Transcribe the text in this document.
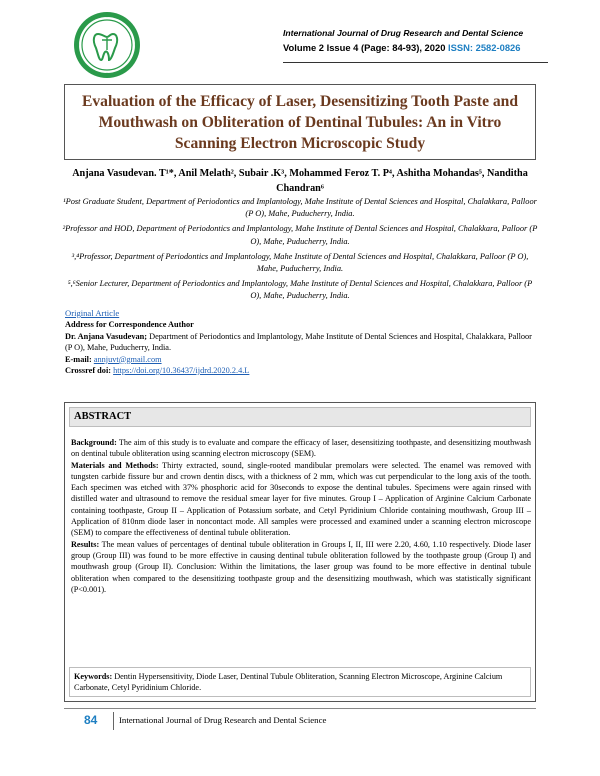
International Journal of Drug Research and Dental Science
Volume 2 Issue 4 (Page: 84-93), 2020 ISSN: 2582-0826
Evaluation of the Efficacy of Laser, Desensitizing Tooth Paste and Mouthwash on Obliteration of Dentinal Tubules: An in Vitro Scanning Electron Microscopic Study
Anjana Vasudevan. T¹*, Anil Melath², Subair .K³, Mohammed Feroz T. P⁴, Ashitha Mohandas⁵, Nanditha Chandran⁶
¹Post Graduate Student, Department of Periodontics and Implantology, Mahe Institute of Dental Sciences and Hospital, Chalakkara, Palloor (P O), Mahe, Puducherry, India.
²Professor and HOD, Department of Periodontics and Implantology, Mahe Institute of Dental Sciences and Hospital, Chalakkara, Palloor (P O), Mahe, Puducherry, India.
³,⁴Professor, Department of Periodontics and Implantology, Mahe Institute of Dental Sciences and Hospital, Chalakkara, Palloor (P O), Mahe, Puducherry, India.
⁵,⁶Senior Lecturer, Department of Periodontics and Implantology, Mahe Institute of Dental Sciences and Hospital, Chalakkara, Palloor (P O), Mahe, Puducherry, India.
Original Article
Address for Correspondence Author
Dr. Anjana Vasudevan; Department of Periodontics and Implantology, Mahe Institute of Dental Sciences and Hospital, Chalakkara, Palloor (P O), Mahe, Puducherry, India.
E-mail: annjuvt@gmail.com
Crossref doi: https://doi.org/10.36437/ijdrd.2020.2.4.L
ABSTRACT

Background: The aim of this study is to evaluate and compare the efficacy of laser, desensitizing toothpaste, and desensitizing mouthwash on dentinal tubule obliteration using scanning electron microscopy (SEM).

Materials and Methods: Thirty extracted, sound, single-rooted mandibular premolars were selected. The enamel was removed with tungsten carbide fissure bur and crown dentin discs, with a thickness of 2 mm, which was cut perpendicular to the long axis of the tooth. Each specimen was etched with 37% phosphoric acid for 30seconds to expose the dentinal tubules. Specimens were again rinsed with distilled water and ultrasound to remove the residual smear layer for five minutes. Group I – Application of Arginine Calcium Carbonate containing toothpaste, Group II – Application of Potassium sorbate, and Cetyl Pyridinium Chloride containing mouthwash, Group III – Application of 810nm diode laser in noncontact mode. All samples were processed and examined under a scanning electron microscope (SEM) to compare the effectiveness of dentinal tubule obliteration.

Results: The mean values of percentages of dentinal tubule obliteration in Groups I, II, III were 2.20, 4.60, 1.10 respectively. Diode laser group (Group III) was found to be more effective in causing dentinal tubule obliteration followed by the toothpaste group (Group I) and mouthwash group (Group II). Conclusion: Within the limitations, the laser group was found to be more effective in dentinal tubule obliteration when compared to the desensitizing toothpaste group and the desensitizing mouthwash, which was statistically significant (P<0.001).

Keywords: Dentin Hypersensitivity, Diode Laser, Dentinal Tubule Obliteration, Scanning Electron Microscope, Arginine Calcium Carbonate, Cetyl Pyridinium Chloride.
84 International Journal of Drug Research and Dental Science
